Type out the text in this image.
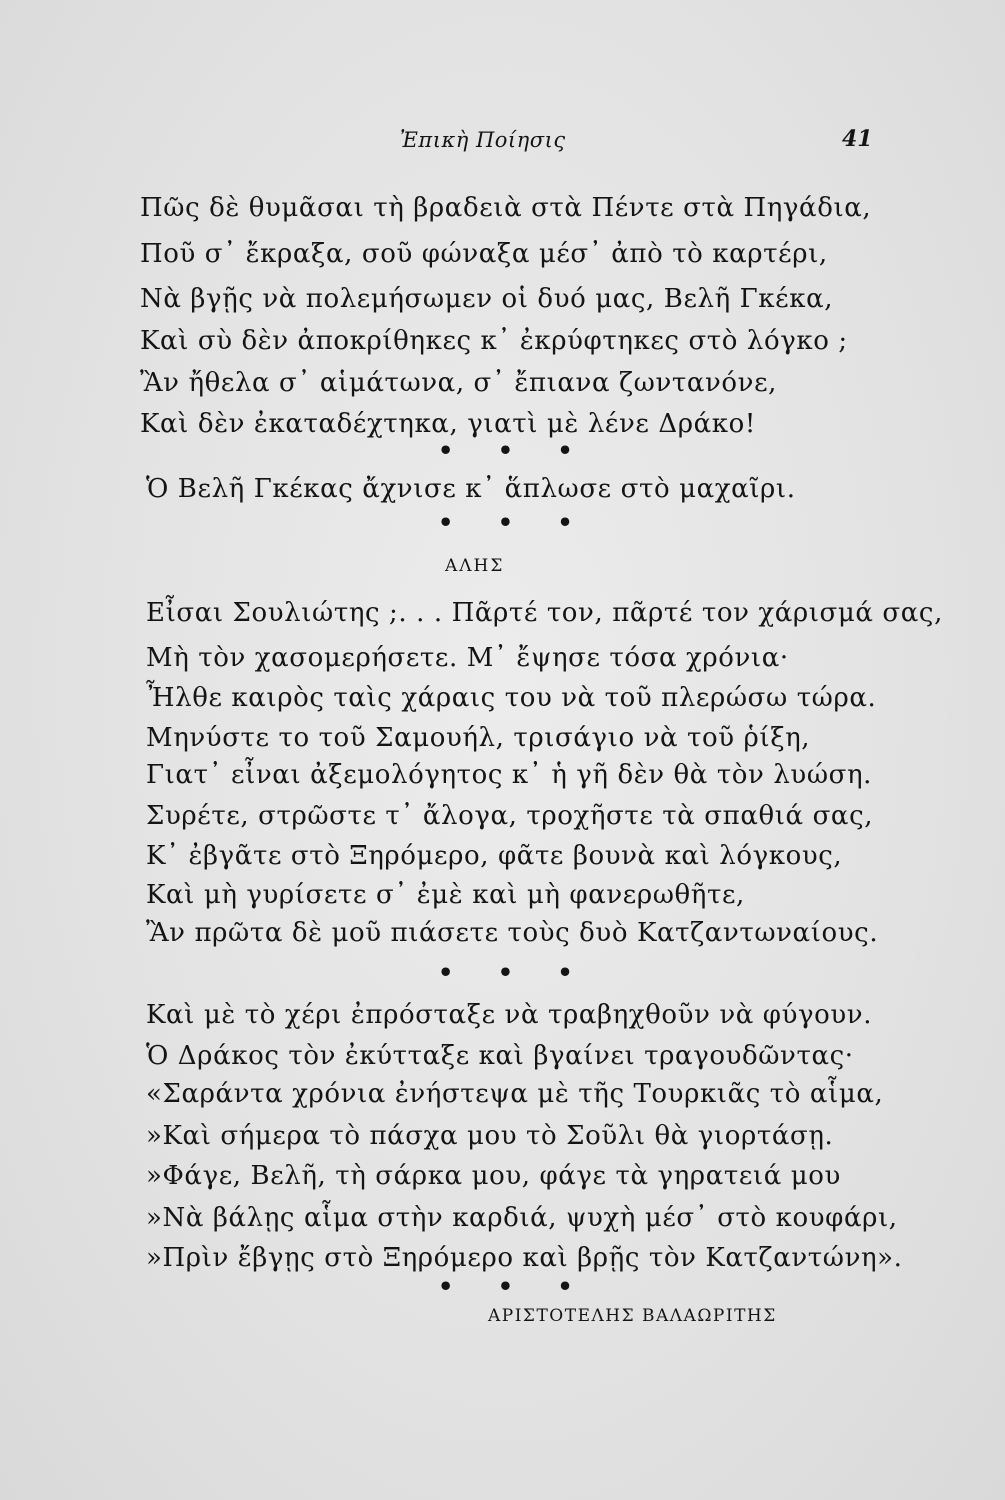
Ἐπικὴ Ποίησις	41
Πῶς δὲ θυμᾶσαι τὴ βραδειὰ στὰ Πέντε στὰ Πηγάδια,
Ποῦ σ᾽ ἔκραξα, σοῦ φώναξα μέσ᾽ ἀπὸ τὸ καρτέρι,
Νὰ βγῇς νὰ πολεμήσωμεν οἱ δυό μας, Βελῆ Γκέκα,
Καὶ σὺ δὲν ἀποκρίθηκες κ᾽ ἐκρύφτηκες στὸ λόγκο ;
Ἂν ἤθελα σ᾽ αἱμάτωνα, σ᾽ ἔπιανα ζωντανόνε,
Καὶ δὲν ἐκαταδέχτηκα, γιατὶ μὲ λένε Δράκο!
• • •
Ὁ Βελῆ Γκέκας ἄχνισε κ᾽ ἅπλωσε στὸ μαχαῖρι.
• • •
ΑΛΗΣ
Εἶσαι Σουλιώτης ;. . . Πᾶρτέ τον, πᾶρτέ τον χάρισμά σας,
Μὴ τὸν χασομερήσετε. Μ᾽ ἔψησε τόσα χρόνια·
Ἦλθε καιρὸς ταὶς χάραις του νὰ τοῦ πλερώσω τώρα.
Μηνύστε το τοῦ Σαμουήλ, τρισάγιο νὰ τοῦ ῥίξη,
Γιατ᾽ εἶναι ἀξεμολόγητος κ᾽ ἡ γῆ δὲν θὰ τὸν λυώση.
Συρέτε, στρῶστε τ᾽ ἄλογα, τροχῆστε τὰ σπαθιά σας,
Κ᾽ ἐβγᾶτε στὸ Ξηρόμερο, φᾶτε βουνὰ καὶ λόγκους,
Καὶ μὴ γυρίσετε σ᾽ ἐμὲ καὶ μὴ φανερωθῆτε,
Ἂν πρῶτα δὲ μοῦ πιάσετε τοὺς δυὸ Κατζαντωναίους.
• • •
Καὶ μὲ τὸ χέρι ἐπρόσταξε νὰ τραβηχθοῦν νὰ φύγουν.
Ὁ Δράκος τὸν ἐκύτταξε καὶ βγαίνει τραγουδῶντας·
«Σαράντα χρόνια ἐνήστεψα μὲ τῆς Τουρκιᾶς τὸ αἷμα,
»Καὶ σήμερα τὸ πάσχα μου τὸ Σοῦλι θὰ γιορτάσῃ.
»Φάγε, Βελῆ, τὴ σάρκα μου, φάγε τὰ γηρατειά μου
»Νὰ βάλῃς αἷμα στὴν καρδιά, ψυχὴ μέσ᾽ στὸ κουφάρι,
»Πρὶν ἔβγῃς στὸ Ξηρόμερο καὶ βρῇς τὸν Κατζαντώνη».
• • •
ΑΡΙΣΤΟΤΕΛΗΣ ΒΑΛΑΩΡΙΤΗΣ
